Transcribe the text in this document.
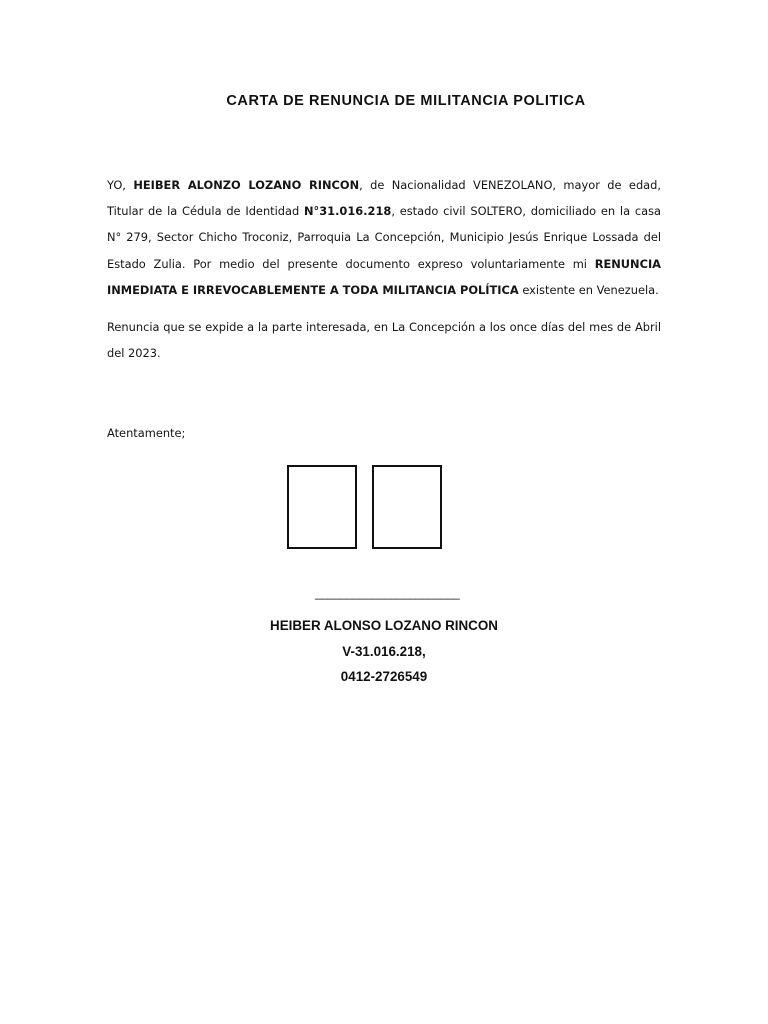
CARTA DE RENUNCIA DE MILITANCIA POLITICA
YO, HEIBER ALONZO LOZANO RINCON, de Nacionalidad VENEZOLANO, mayor de edad, Titular de la Cédula de Identidad N°31.016.218, estado civil SOLTERO, domiciliado en la casa N° 279, Sector Chicho Troconiz, Parroquia La Concepción, Municipio Jesús Enrique Lossada del Estado Zulia. Por medio del presente documento expreso voluntariamente mi RENUNCIA INMEDIATA E IRREVOCABLEMENTE A TODA MILITANCIA POLÍTICA existente en Venezuela.
Renuncia que se expide a la parte interesada, en La Concepción a los once días del mes de Abril del 2023.
Atentamente;
_______________________
HEIBER ALONSO LOZANO RINCON
V-31.016.218,
0412-2726549
